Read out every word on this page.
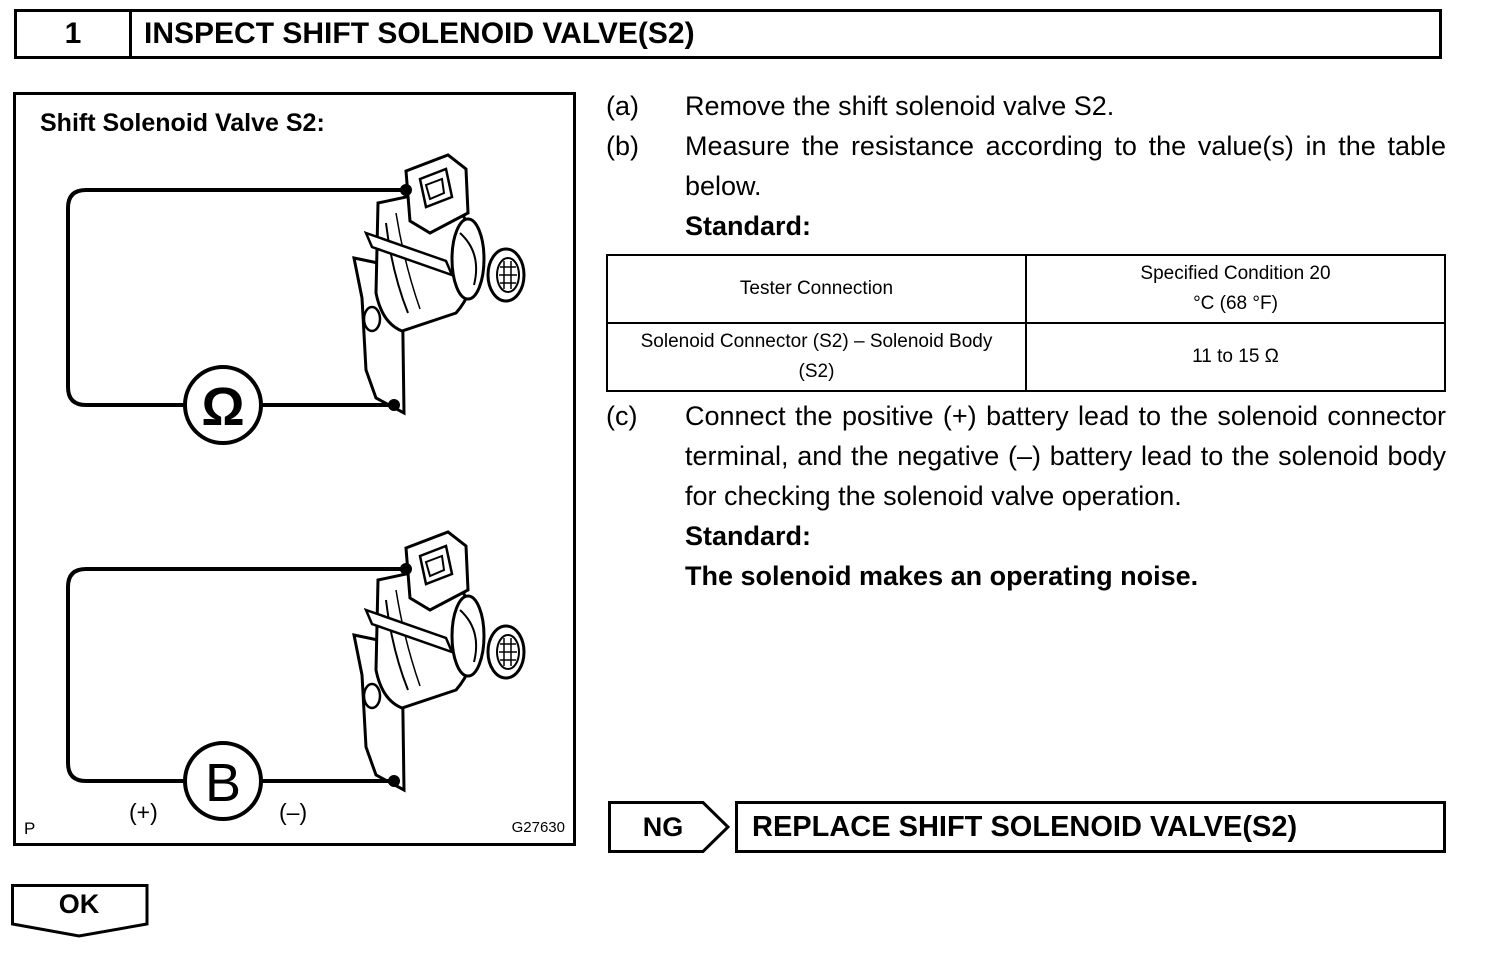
1	INSPECT SHIFT SOLENOID VALVE(S2)
Ω
B
Shift Solenoid Valve S2:
(+)	(–)
P	G27630
(a) Remove the shift solenoid valve S2.
(b) Measure the resistance according to the value(s) in the table below.
Standard:
Tester Connection	Specified Condition 20 °C (68 °F)
Solenoid Connector (S2) – Solenoid Body (S2)	11 to 15 Ω
(c) Connect the positive (+) battery lead to the solenoid connector terminal, and the negative (–) battery lead to the solenoid body for checking the solenoid valve operation.
Standard:
The solenoid makes an operating noise.
NG	REPLACE SHIFT SOLENOID VALVE(S2)
OK
